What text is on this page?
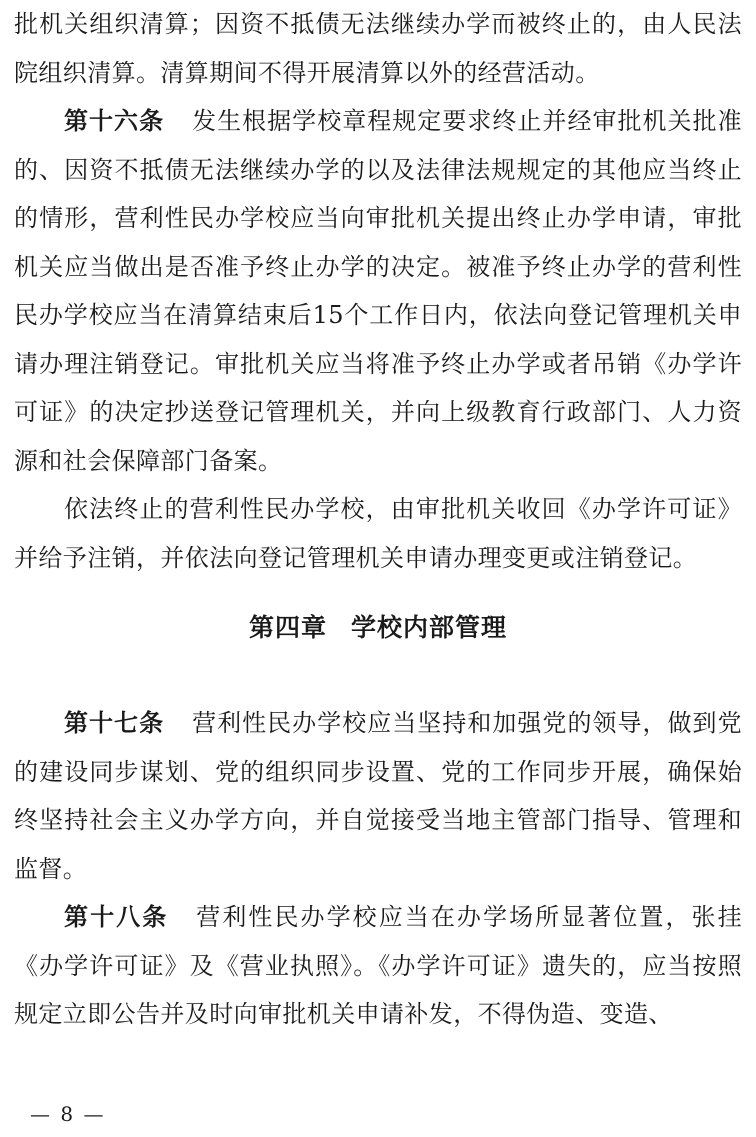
批机关组织清算；因资不抵债无法继续办学而被终止的，由人民法院组织清算。清算期间不得开展清算以外的经营活动。

第十六条 发生根据学校章程规定要求终止并经审批机关批准的、因资不抵债无法继续办学的以及法律法规规定的其他应当终止的情形，营利性民办学校应当向审批机关提出终止办学申请，审批机关应当做出是否准予终止办学的决定。被准予终止办学的营利性民办学校应当在清算结束后15个工作日内，依法向登记管理机关申请办理注销登记。审批机关应当将准予终止办学或者吊销《办学许可证》的决定抄送登记管理机关，并向上级教育行政部门、人力资源和社会保障部门备案。

依法终止的营利性民办学校，由审批机关收回《办学许可证》并给予注销，并依法向登记管理机关申请办理变更或注销登记。

第四章 学校内部管理

第十七条 营利性民办学校应当坚持和加强党的领导，做到党的建设同步谋划、党的组织同步设置、党的工作同步开展，确保始终坚持社会主义办学方向，并自觉接受当地主管部门指导、管理和监督。

第十八条 营利性民办学校应当在办学场所显著位置，张挂《办学许可证》及《营业执照》。《办学许可证》遗失的，应当按照规定立即公告并及时向审批机关申请补发，不得伪造、变造、

— 8 —
